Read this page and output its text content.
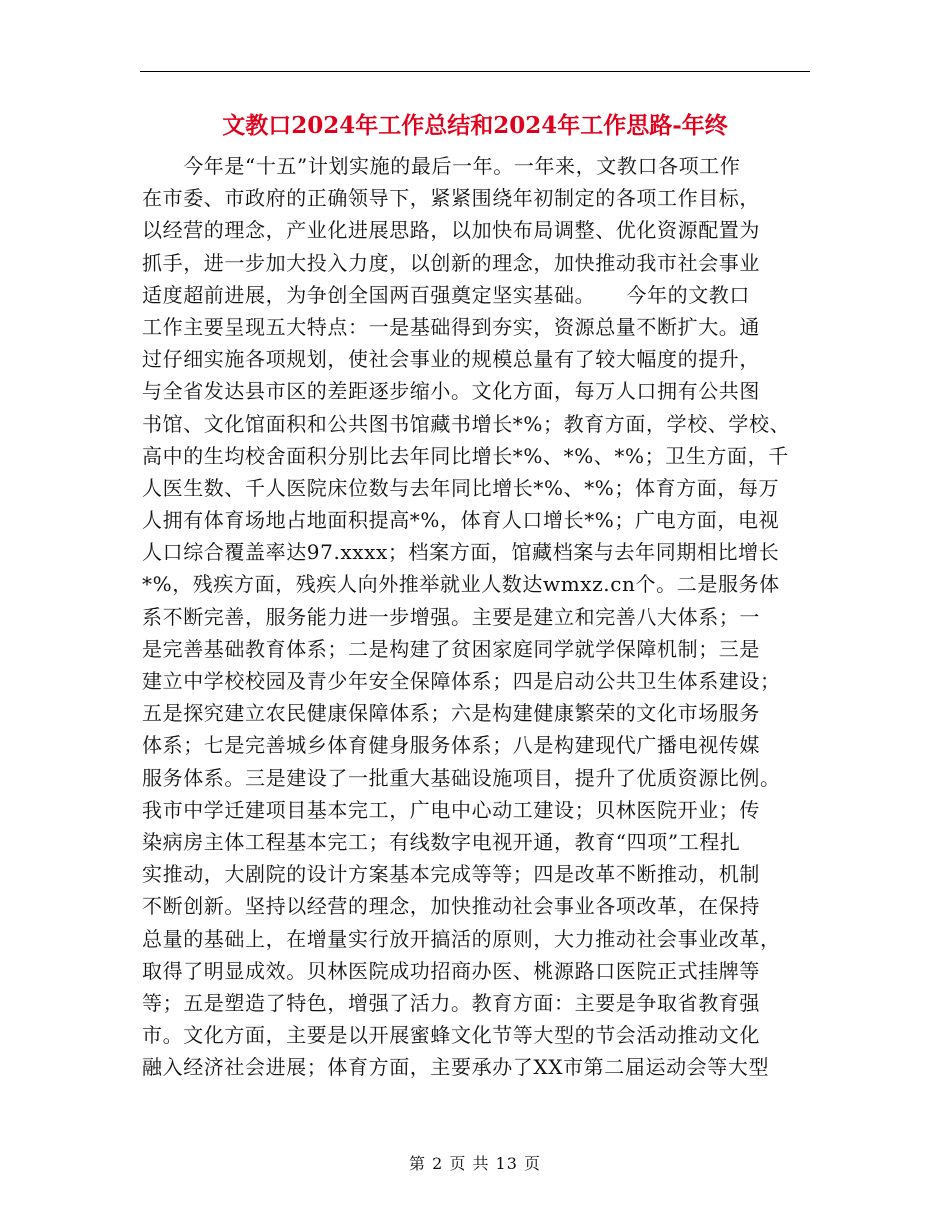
文教口2024年工作总结和2024年工作思路-年终
　　今年是“十五”计划实施的最后一年。一年来，文教口各项工作
在市委、市政府的正确领导下，紧紧围绕年初制定的各项工作目标，
以经营的理念，产业化进展思路，以加快布局调整、优化资源配置为
抓手，进一步加大投入力度，以创新的理念，加快推动我市社会事业
适度超前进展，为争创全国两百强奠定坚实基础。　　今年的文教口
工作主要呈现五大特点：一是基础得到夯实，资源总量不断扩大。通
过仔细实施各项规划，使社会事业的规模总量有了较大幅度的提升，
与全省发达县市区的差距逐步缩小。文化方面，每万人口拥有公共图
书馆、文化馆面积和公共图书馆藏书增长*%；教育方面，学校、学校、
高中的生均校舍面积分别比去年同比增长*%、*%、*%；卫生方面，千
人医生数、千人医院床位数与去年同比增长*%、*%；体育方面，每万
人拥有体育场地占地面积提高*%，体育人口增长*%；广电方面，电视
人口综合覆盖率达97.xxxx；档案方面，馆藏档案与去年同期相比增长
*%，残疾方面，残疾人向外推举就业人数达wmxz.cn个。二是服务体
系不断完善，服务能力进一步增强。主要是建立和完善八大体系；一
是完善基础教育体系；二是构建了贫困家庭同学就学保障机制；三是
建立中学校校园及青少年安全保障体系；四是启动公共卫生体系建设；
五是探究建立农民健康保障体系；六是构建健康繁荣的文化市场服务
体系；七是完善城乡体育健身服务体系；八是构建现代广播电视传媒
服务体系。三是建设了一批重大基础设施项目，提升了优质资源比例。
我市中学迁建项目基本完工，广电中心动工建设；贝林医院开业；传
染病房主体工程基本完工；有线数字电视开通，教育“四项”工程扎
实推动，大剧院的设计方案基本完成等等；四是改革不断推动，机制
不断创新。坚持以经营的理念，加快推动社会事业各项改革，在保持
总量的基础上，在增量实行放开搞活的原则，大力推动社会事业改革，
取得了明显成效。贝林医院成功招商办医、桃源路口医院正式挂牌等
等；五是塑造了特色，增强了活力。教育方面：主要是争取省教育强
市。文化方面，主要是以开展蜜蜂文化节等大型的节会活动推动文化
融入经济社会进展；体育方面，主要承办了XX市第二届运动会等大型
第 2 页 共 13 页
